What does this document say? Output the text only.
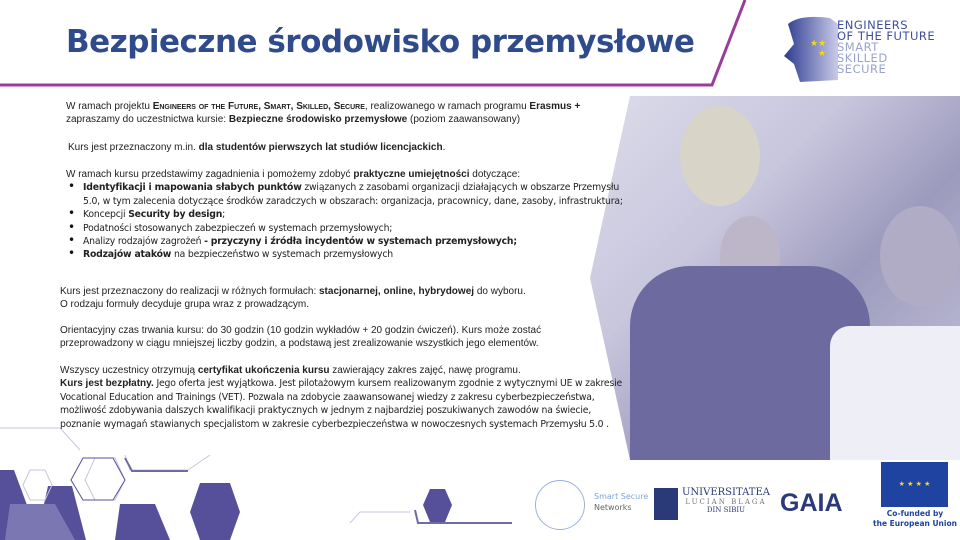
Bezpieczne środowisko przemysłowe	★★
★
ENGINEERS
OF THE FUTURE
SMART
SKILLED
SECURE
W ramach projektu Engineers of the Future, Smart, Skilled, Secure, realizowanego w ramach programu Erasmus + zapraszamy do uczestnictwa kursie: Bezpieczne środowisko przemysłowe (poziom zaawansowany)
Kurs jest przeznaczony m.in. dla studentów pierwszych lat studiów licencjackich.
W ramach kursu przedstawimy zagadnienia i pomożemy zdobyć praktyczne umiejętności dotyczące:
• Identyfikacji i mapowania słabych punktów związanych z zasobami organizacji działających w obszarze Przemysłu 5.0, w tym zalecenia dotyczące środków zaradczych w obszarach: organizacja, pracownicy, dane, zasoby, infrastruktura;
• Koncepcji Security by design;
• Podatności stosowanych zabezpieczeń w systemach przemysłowych;
• Analizy rodzajów zagrożeń - przyczyny i źródła incydentów w systemach przemysłowych;
• Rodzajów ataków na bezpieczeństwo w systemach przemysłowych
Kurs jest przeznaczony do realizacji w różnych formułach: stacjonarnej, online, hybrydowej do wyboru.
O rodzaju formuły decyduje grupa wraz z prowadzącym.
Orientacyjny czas trwania kursu: do 30 godzin (10 godzin wykładów + 20 godzin ćwiczeń). Kurs może zostać przeprowadzony w ciągu mniejszej liczby godzin, a podstawą jest zrealizowanie wszystkich jego elementów.
Wszyscy uczestnicy otrzymują certyfikat ukończenia kursu zawierający zakres zajęć, nawę programu.
Kurs jest bezpłatny. Jego oferta jest wyjątkowa. Jest pilotażowym kursem realizowanym zgodnie z wytycznymi UE w zakresie Vocational Education and Trainings (VET). Pozwala na zdobycie zaawansowanej wiedzy z zakresu cyberbezpieczeństwa, możliwość zdobywania dalszych kwalifikacji praktycznych w jednym z najbardziej poszukiwanych zawodów na świecie, poznanie wymagań stawianych specjalistom w zakresie cyberbezpieczeństwa w nowoczesnych systemach Przemysłu 5.0 .
Smart Secure
Networks
UNIVERSITATEA
LUCIAN BLAGA
DIN SIBIU	GAIA
★ ★ ★ ★
Co-funded by
the European Union
